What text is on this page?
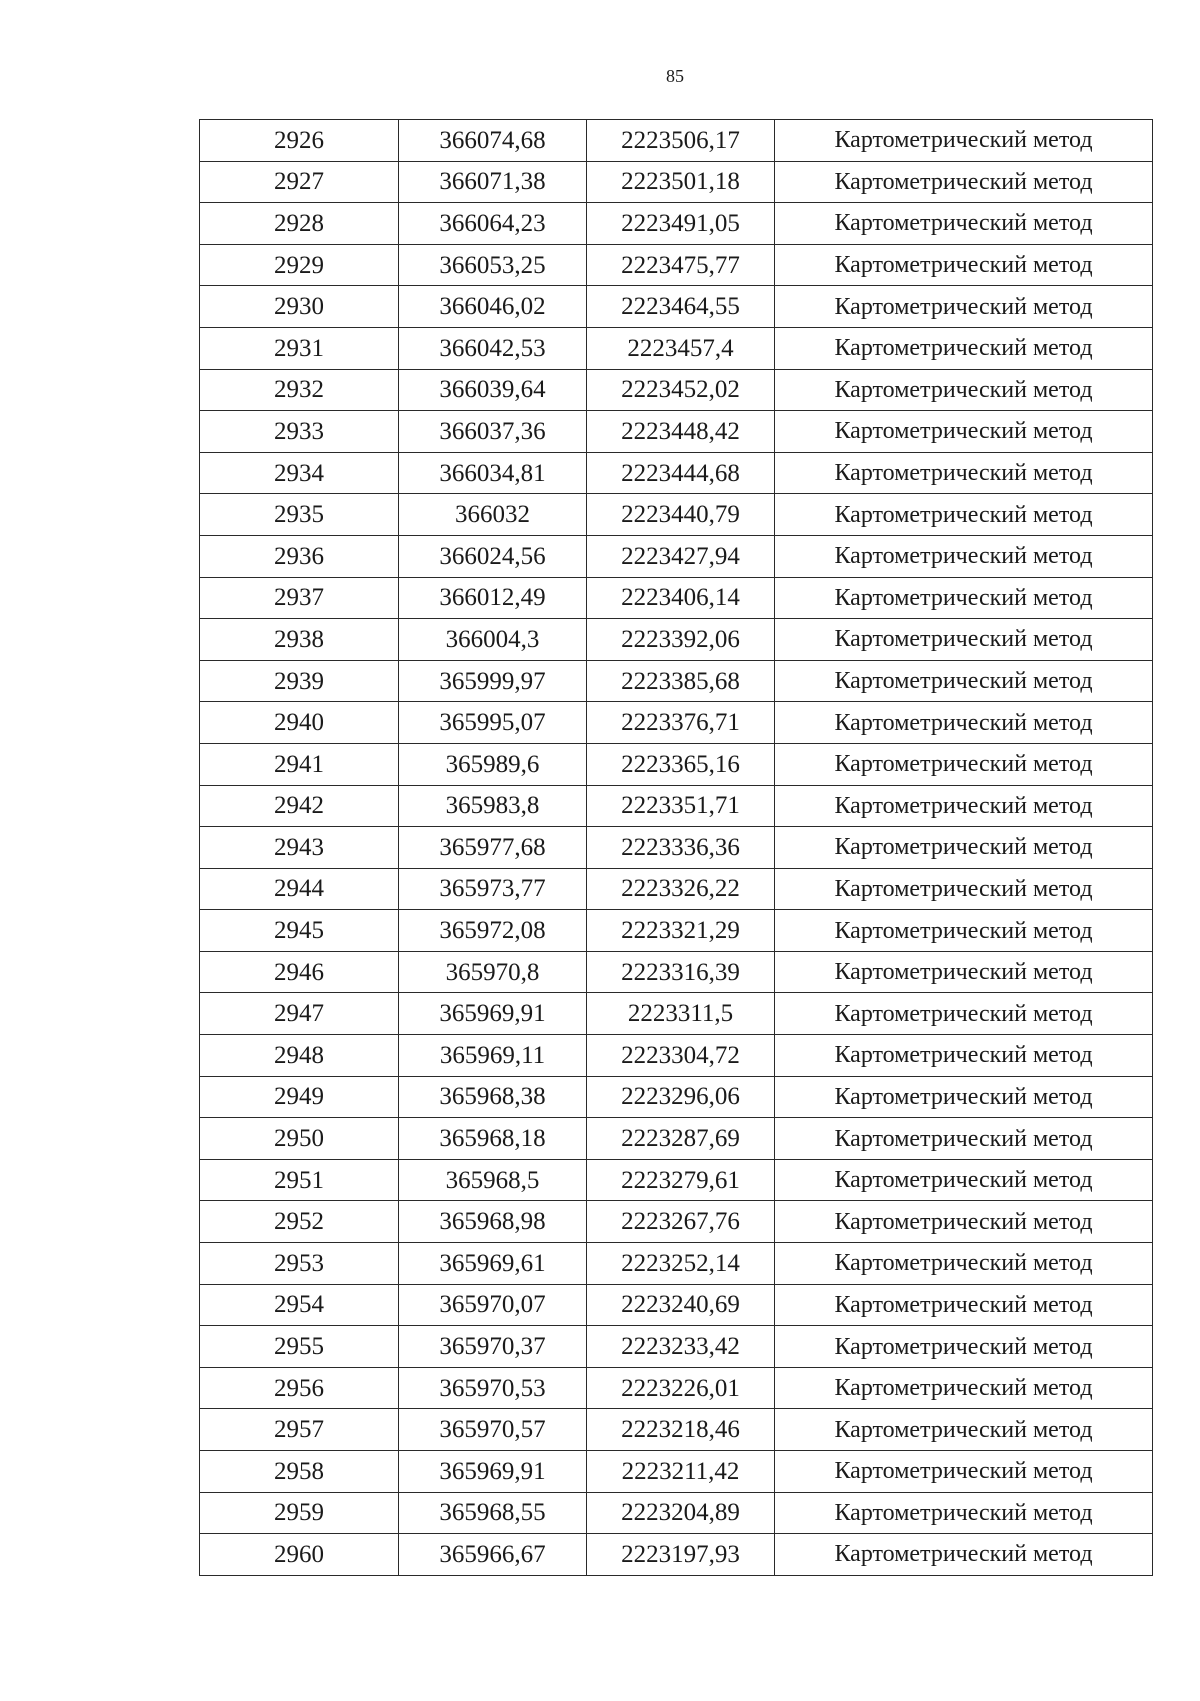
85
2926	366074,68	2223506,17	Картометрический метод
2927	366071,38	2223501,18	Картометрический метод
2928	366064,23	2223491,05	Картометрический метод
2929	366053,25	2223475,77	Картометрический метод
2930	366046,02	2223464,55	Картометрический метод
2931	366042,53	2223457,4	Картометрический метод
2932	366039,64	2223452,02	Картометрический метод
2933	366037,36	2223448,42	Картометрический метод
2934	366034,81	2223444,68	Картометрический метод
2935	366032	2223440,79	Картометрический метод
2936	366024,56	2223427,94	Картометрический метод
2937	366012,49	2223406,14	Картометрический метод
2938	366004,3	2223392,06	Картометрический метод
2939	365999,97	2223385,68	Картометрический метод
2940	365995,07	2223376,71	Картометрический метод
2941	365989,6	2223365,16	Картометрический метод
2942	365983,8	2223351,71	Картометрический метод
2943	365977,68	2223336,36	Картометрический метод
2944	365973,77	2223326,22	Картометрический метод
2945	365972,08	2223321,29	Картометрический метод
2946	365970,8	2223316,39	Картометрический метод
2947	365969,91	2223311,5	Картометрический метод
2948	365969,11	2223304,72	Картометрический метод
2949	365968,38	2223296,06	Картометрический метод
2950	365968,18	2223287,69	Картометрический метод
2951	365968,5	2223279,61	Картометрический метод
2952	365968,98	2223267,76	Картометрический метод
2953	365969,61	2223252,14	Картометрический метод
2954	365970,07	2223240,69	Картометрический метод
2955	365970,37	2223233,42	Картометрический метод
2956	365970,53	2223226,01	Картометрический метод
2957	365970,57	2223218,46	Картометрический метод
2958	365969,91	2223211,42	Картометрический метод
2959	365968,55	2223204,89	Картометрический метод
2960	365966,67	2223197,93	Картометрический метод
